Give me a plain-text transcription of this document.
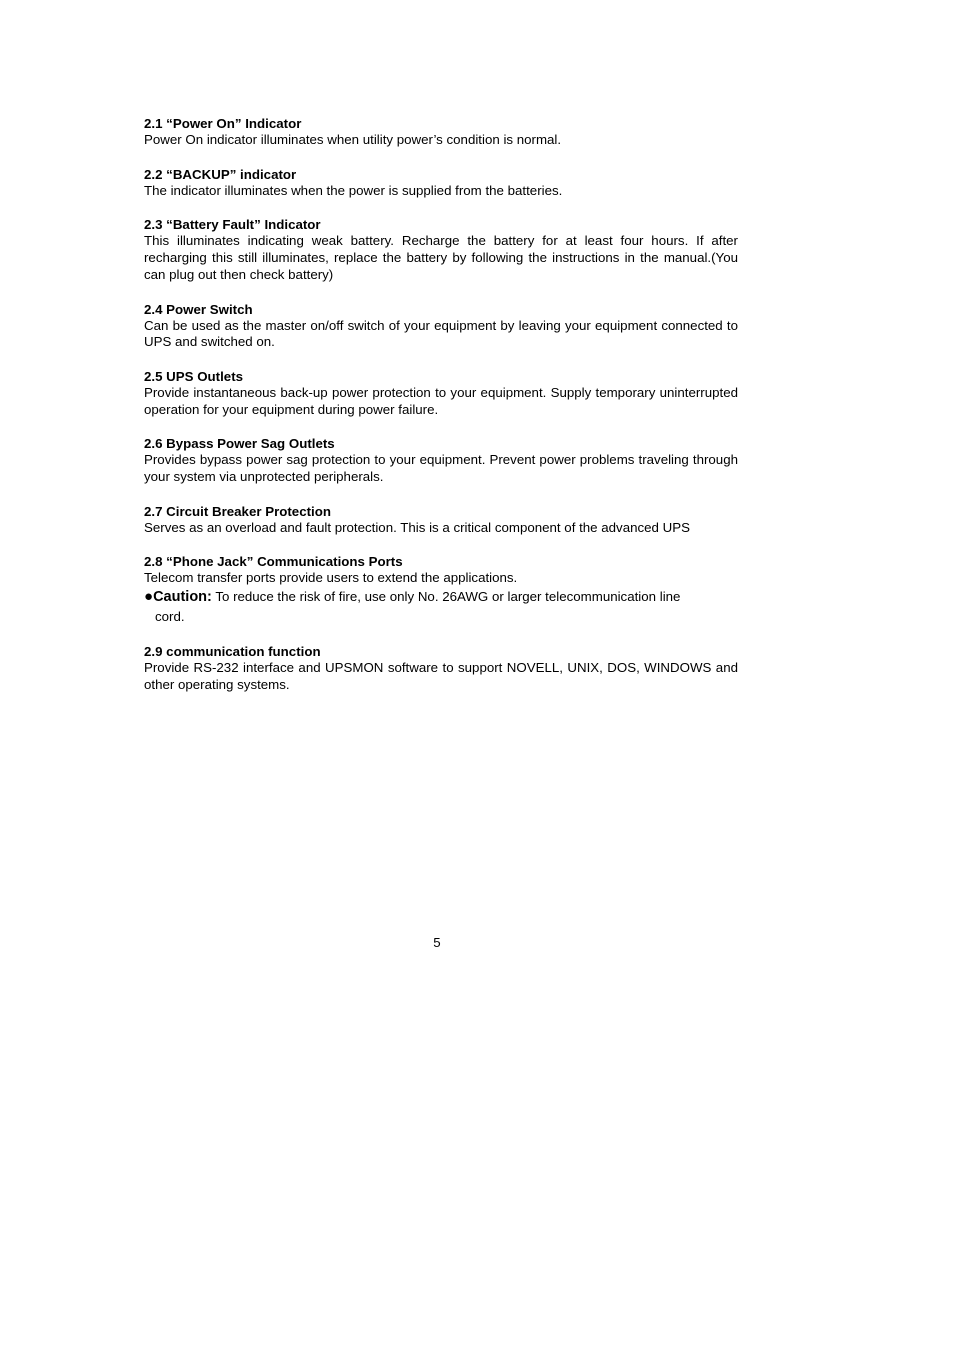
2.1 “Power On” Indicator

Power On indicator illuminates when utility power’s condition is normal.

2.2 “BACKUP” indicator

The indicator illuminates when the power is supplied from the batteries.

2.3 “Battery Fault” Indicator

This illuminates indicating weak battery. Recharge the battery for at least four hours. If after recharging this still illuminates, replace the battery by following the instructions in the manual.(You can plug out then check battery)

2.4 Power Switch

Can be used as the master on/off switch of your equipment by leaving your equipment connected to UPS and switched on.

2.5 UPS Outlets

Provide instantaneous back-up power protection to your equipment. Supply temporary uninterrupted operation for your equipment during power failure.

2.6 Bypass Power Sag Outlets

Provides bypass power sag protection to your equipment. Prevent power problems traveling through your system via unprotected peripherals.

2.7 Circuit Breaker Protection

Serves as an overload and fault protection. This is a critical component of the advanced UPS

2.8 “Phone Jack” Communications Ports

Telecom transfer ports provide users to extend the applications.

●Caution: To reduce the risk of fire, use only No. 26AWG or larger telecommunication line
cord.

2.9 communication function

Provide RS-232 interface and UPSMON software to support NOVELL, UNIX, DOS, WINDOWS and other operating systems.

5
